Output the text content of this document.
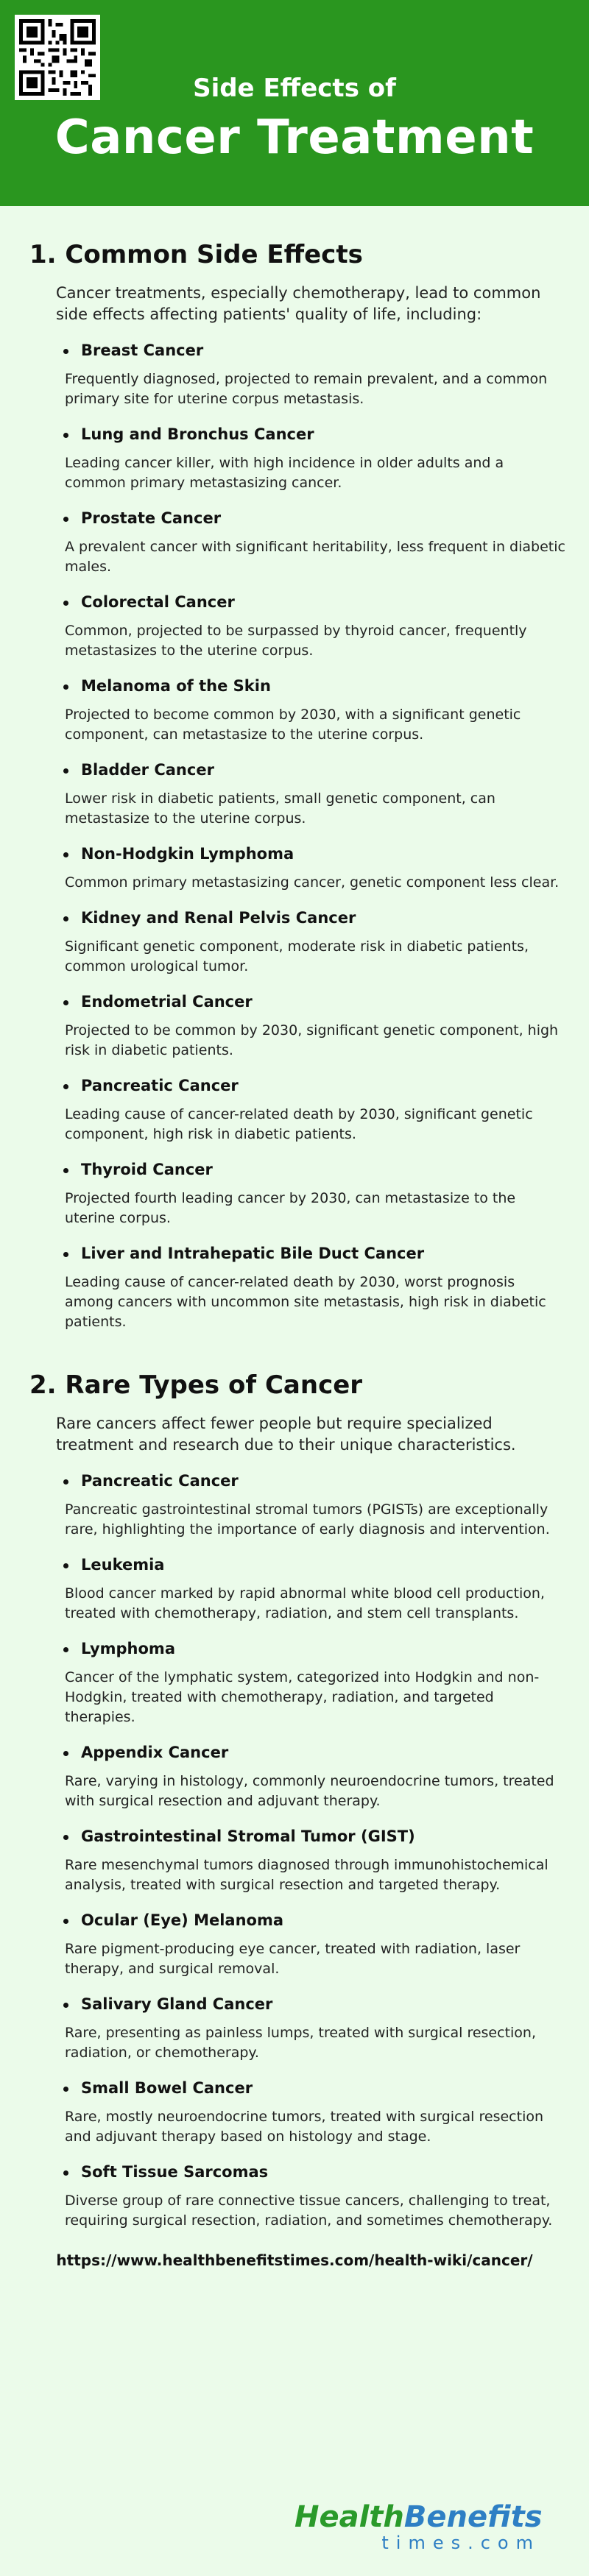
Side Effects of
Cancer Treatment
1. Common Side Effects
Cancer treatments, especially chemotherapy, lead to common side effects affecting patients' quality of life, including:
Breast Cancer
Frequently diagnosed, projected to remain prevalent, and a common primary site for uterine corpus metastasis.
Lung and Bronchus Cancer
Leading cancer killer, with high incidence in older adults and a common primary metastasizing cancer.
Prostate Cancer
A prevalent cancer with significant heritability, less frequent in diabetic males.
Colorectal Cancer
Common, projected to be surpassed by thyroid cancer, frequently metastasizes to the uterine corpus.
Melanoma of the Skin
Projected to become common by 2030, with a significant genetic component, can metastasize to the uterine corpus.
Bladder Cancer
Lower risk in diabetic patients, small genetic component, can metastasize to the uterine corpus.
Non-Hodgkin Lymphoma
Common primary metastasizing cancer, genetic component less clear.
Kidney and Renal Pelvis Cancer
Significant genetic component, moderate risk in diabetic patients, common urological tumor.
Endometrial Cancer
Projected to be common by 2030, significant genetic component, high risk in diabetic patients.
Pancreatic Cancer
Leading cause of cancer-related death by 2030, significant genetic component, high risk in diabetic patients.
Thyroid Cancer
Projected fourth leading cancer by 2030, can metastasize to the uterine corpus.
Liver and Intrahepatic Bile Duct Cancer
Leading cause of cancer-related death by 2030, worst prognosis among cancers with uncommon site metastasis, high risk in diabetic patients.
2. Rare Types of Cancer
Rare cancers affect fewer people but require specialized treatment and research due to their unique characteristics.
Pancreatic Cancer
Pancreatic gastrointestinal stromal tumors (PGISTs) are exceptionally rare, highlighting the importance of early diagnosis and intervention.
Leukemia
Blood cancer marked by rapid abnormal white blood cell production, treated with chemotherapy, radiation, and stem cell transplants.
Lymphoma
Cancer of the lymphatic system, categorized into Hodgkin and non-Hodgkin, treated with chemotherapy, radiation, and targeted therapies.
Appendix Cancer
Rare, varying in histology, commonly neuroendocrine tumors, treated with surgical resection and adjuvant therapy.
Gastrointestinal Stromal Tumor (GIST)
Rare mesenchymal tumors diagnosed through immunohistochemical analysis, treated with surgical resection and targeted therapy.
Ocular (Eye) Melanoma
Rare pigment-producing eye cancer, treated with radiation, laser therapy, and surgical removal.
Salivary Gland Cancer
Rare, presenting as painless lumps, treated with surgical resection, radiation, or chemotherapy.
Small Bowel Cancer
Rare, mostly neuroendocrine tumors, treated with surgical resection and adjuvant therapy based on histology and stage.
Soft Tissue Sarcomas
Diverse group of rare connective tissue cancers, challenging to treat, requiring surgical resection, radiation, and sometimes chemotherapy.
https://www.healthbenefitstimes.com/health-wiki/cancer/
HealthBenefits
times.com
